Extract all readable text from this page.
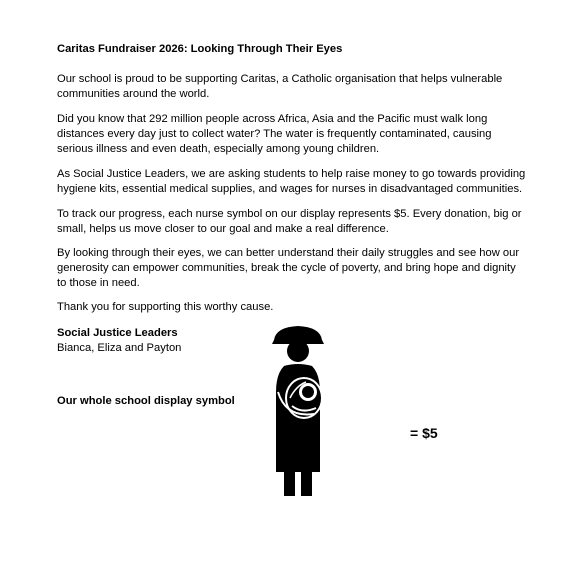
Caritas Fundraiser 2026: Looking Through Their Eyes

Our school is proud to be supporting Caritas, a Catholic organisation that helps vulnerable communities around the world.

Did you know that 292 million people across Africa, Asia and the Pacific must walk long distances every day just to collect water? The water is frequently contaminated, causing serious illness and even death, especially among young children.

As Social Justice Leaders, we are asking students to help raise money to go towards providing hygiene kits, essential medical supplies, and wages for nurses in disadvantaged communities.

To track our progress, each nurse symbol on our display represents $5. Every donation, big or small, helps us move closer to our goal and make a real difference.

By looking through their eyes, we can better understand their daily struggles and see how our generosity can empower communities, break the cycle of poverty, and bring hope and dignity to those in need.

Thank you for supporting this worthy cause.

Social Justice Leaders

Bianca, Eliza and Payton

Our whole school display symbol
= $5
